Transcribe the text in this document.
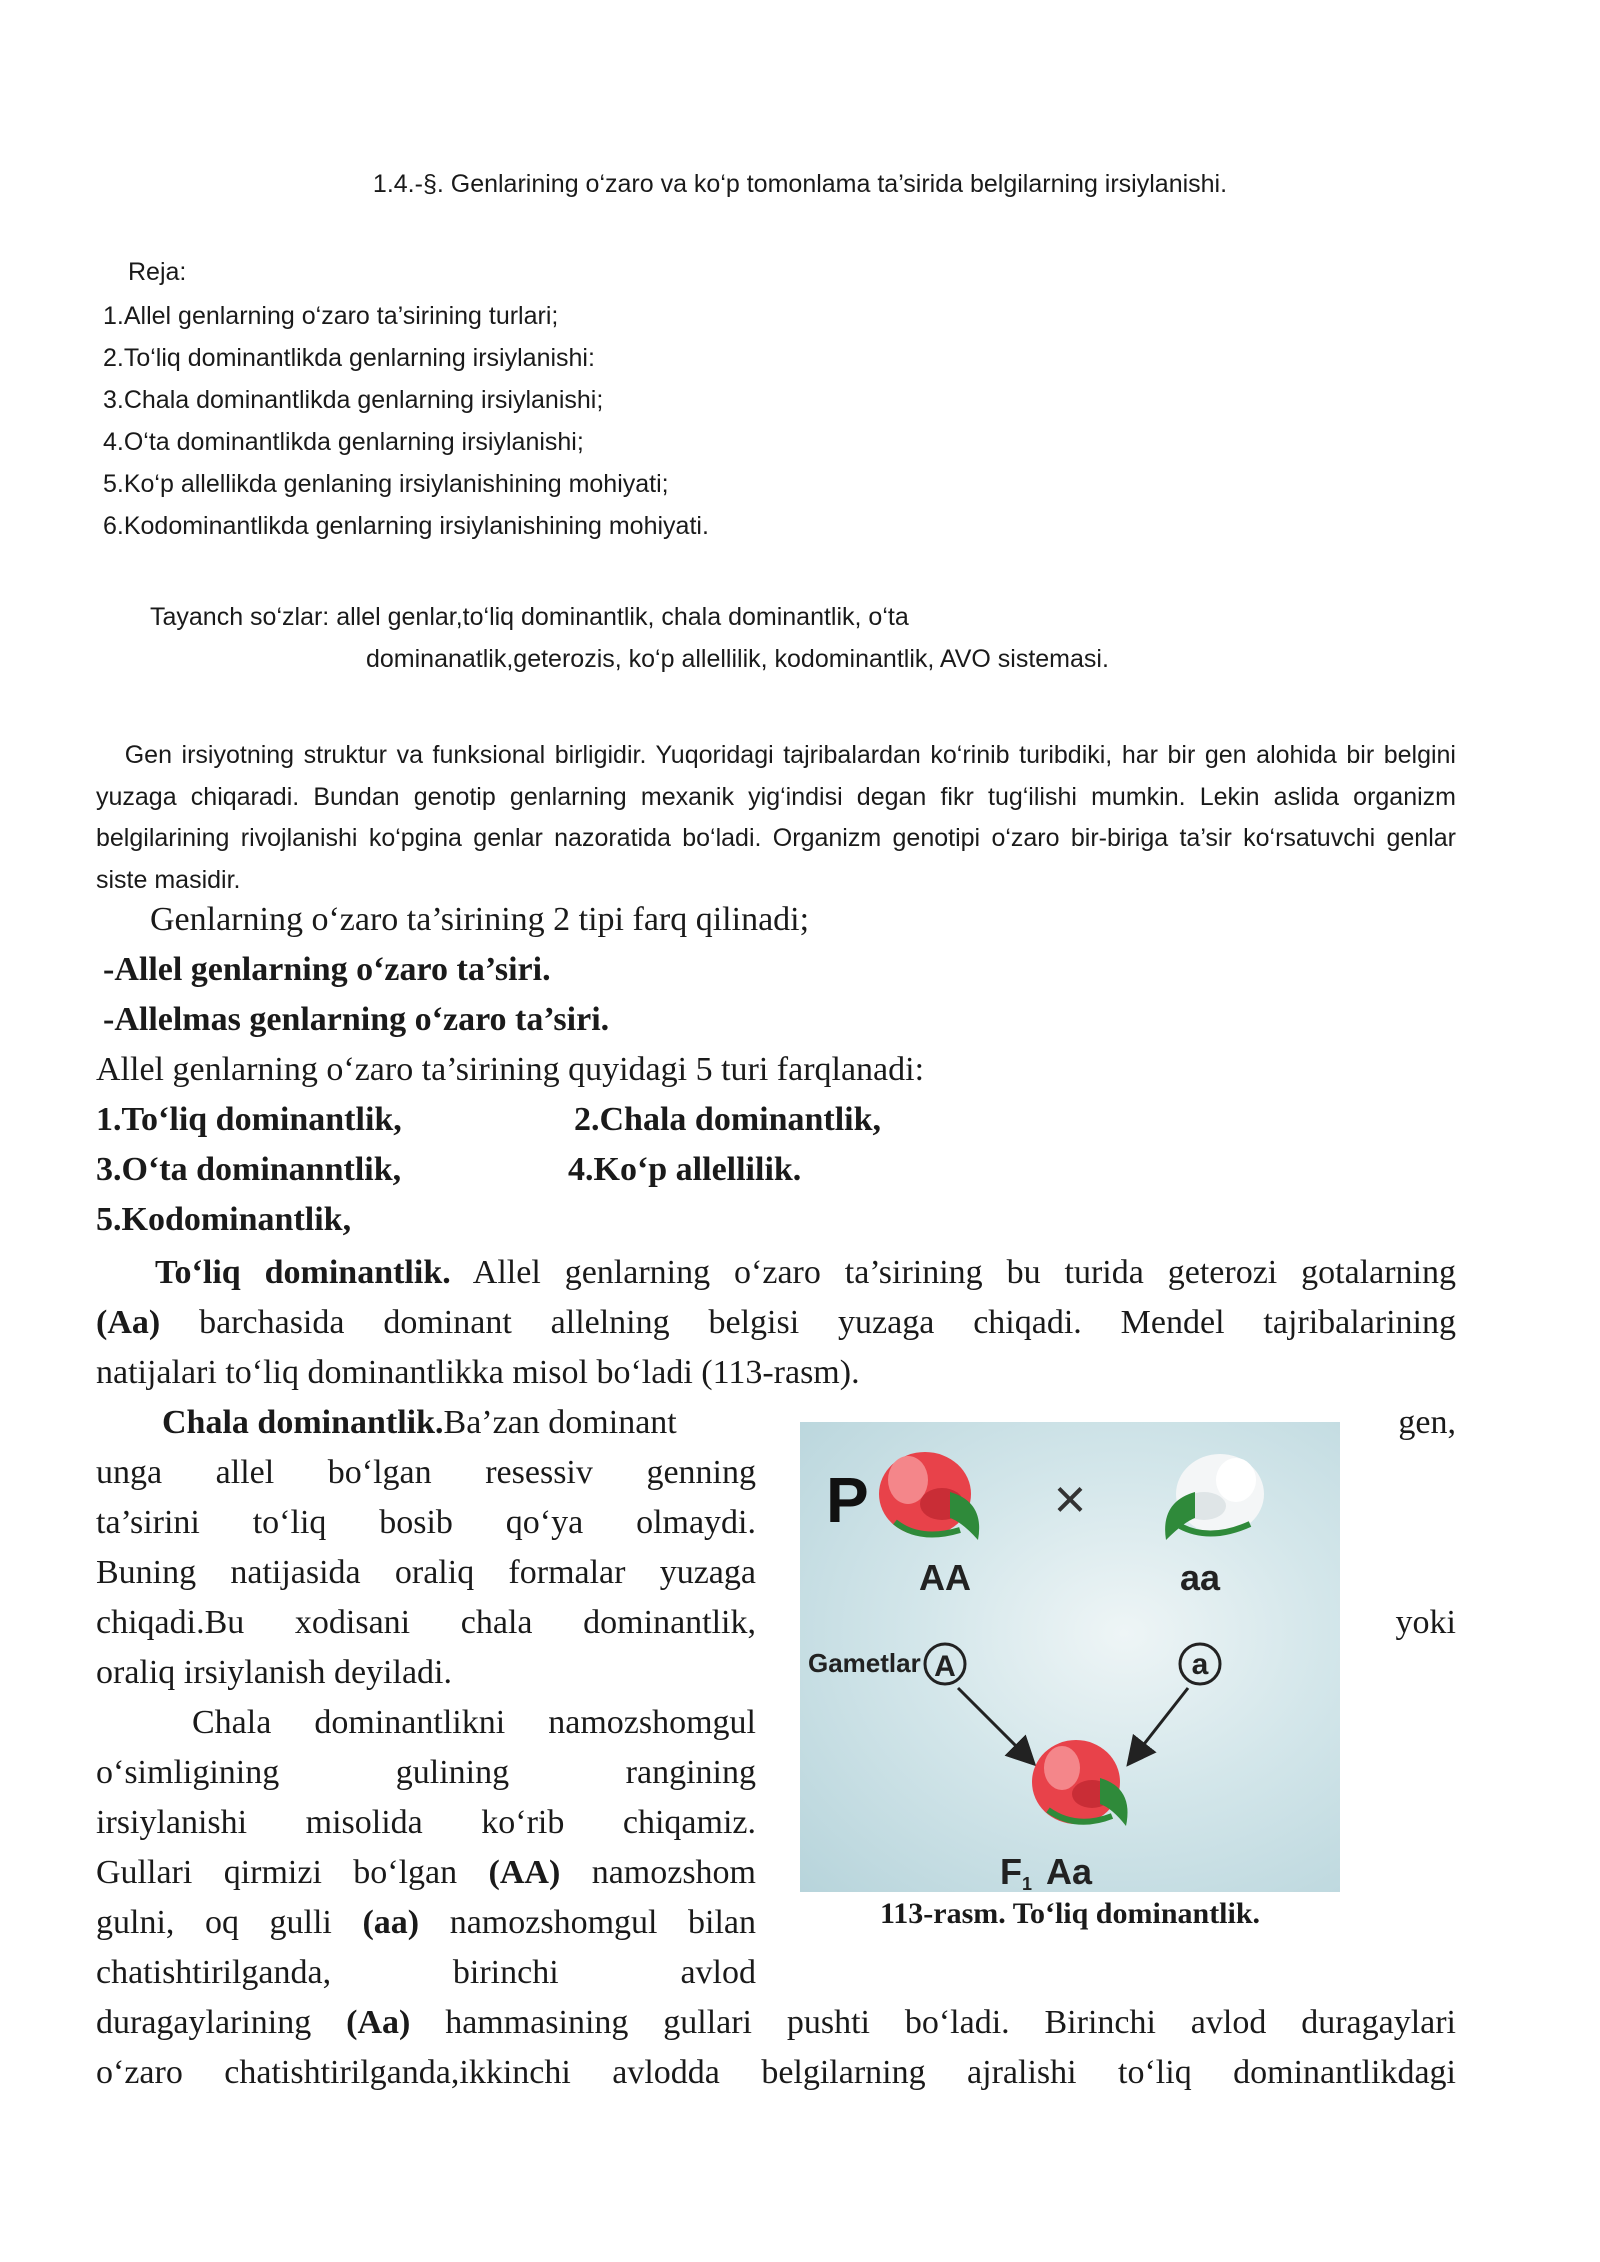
1.4.-§. Genlarining o‘zaro va ko‘p tomonlama ta’sirida belgilarning irsiylanishi.
Reja:
1.Allel genlarning o‘zaro ta’sirining turlari;
2.To‘liq dominantlikda genlarning irsiylanishi:
3.Chala dominantlikda genlarning irsiylanishi;
4.O‘ta dominantlikda genlarning irsiylanishi;
5.Ko‘p allellikda genlaning irsiylanishining mohiyati;
6.Kodominantlikda genlarning irsiylanishining mohiyati.
Tayanch so‘zlar: allel genlar,to‘liq dominantlik, chala dominantlik, o‘ta
dominanatlik,geterozis, ko‘p allellilik, kodominantlik, AVO sistemasi.

Gen irsiyotning struktur va funksional birligidir. Yuqoridagi tajribalardan ko‘rinib turibdiki, har bir gen alohida bir belgini yuzaga chiqaradi. Bundan genotip genlarning mexanik yig‘indisi degan fikr tug‘ilishi mumkin. Lekin aslida organizm belgilarining rivojlanishi ko‘pgina genlar nazoratida bo‘ladi. Organizm genotipi o‘zaro bir-biriga ta’sir ko‘rsatuvchi genlar siste masidir.

Genlarning o‘zaro ta’sirining 2 tipi farq qilinadi;
-Allel genlarning o‘zaro ta’siri.
-Allelmas genlarning o‘zaro ta’siri.
Allel genlarning o‘zaro ta’sirining quyidagi 5 turi farqlanadi:
1.To‘liq dominantlik,	2.Chala dominantlik,
3.O‘ta dominanntlik,	4.Ko‘p allellilik.
5.Kodominantlik,
To‘liq dominantlik. Allel genlarning o‘zaro ta’sirining bu turida geterozi gotalarning
(Aa) barchasida dominant allelning belgisi yuzaga chiqadi. Mendel tajribalarining
natijalari to‘liq dominantlikka misol bo‘ladi (113-rasm).
Chala dominantlik.Ba’zan dominant	gen,
unga allel bo‘lgan resessiv genning
ta’sirini to‘liq bosib qo‘ya olmaydi.
Buning natijasida oraliq formalar yuzaga
chiqadi.Bu xodisani chala dominantlik,	yoki
oraliq irsiylanish deyiladi.
Chala dominantlikni namozshomgul
o‘simligining gulining rangining
irsiylanishi misolida ko‘rib chiqamiz.
Gullari qirmizi bo‘lgan (AA) namozshom
gulni, oq gulli (aa) namozshomgul bilan
chatishtirilganda, birinchi avlod
duragaylarining (Aa) hammasining gullari pushti bo‘ladi. Birinchi avlod duragaylari
o‘zaro chatishtirilganda,ikkinchi avlodda belgilarning ajralishi to‘liq dominantlikdagi
P	×
AA	aa
Gametlar A	a
F 1 Aa
113-rasm. To‘liq dominantlik.
